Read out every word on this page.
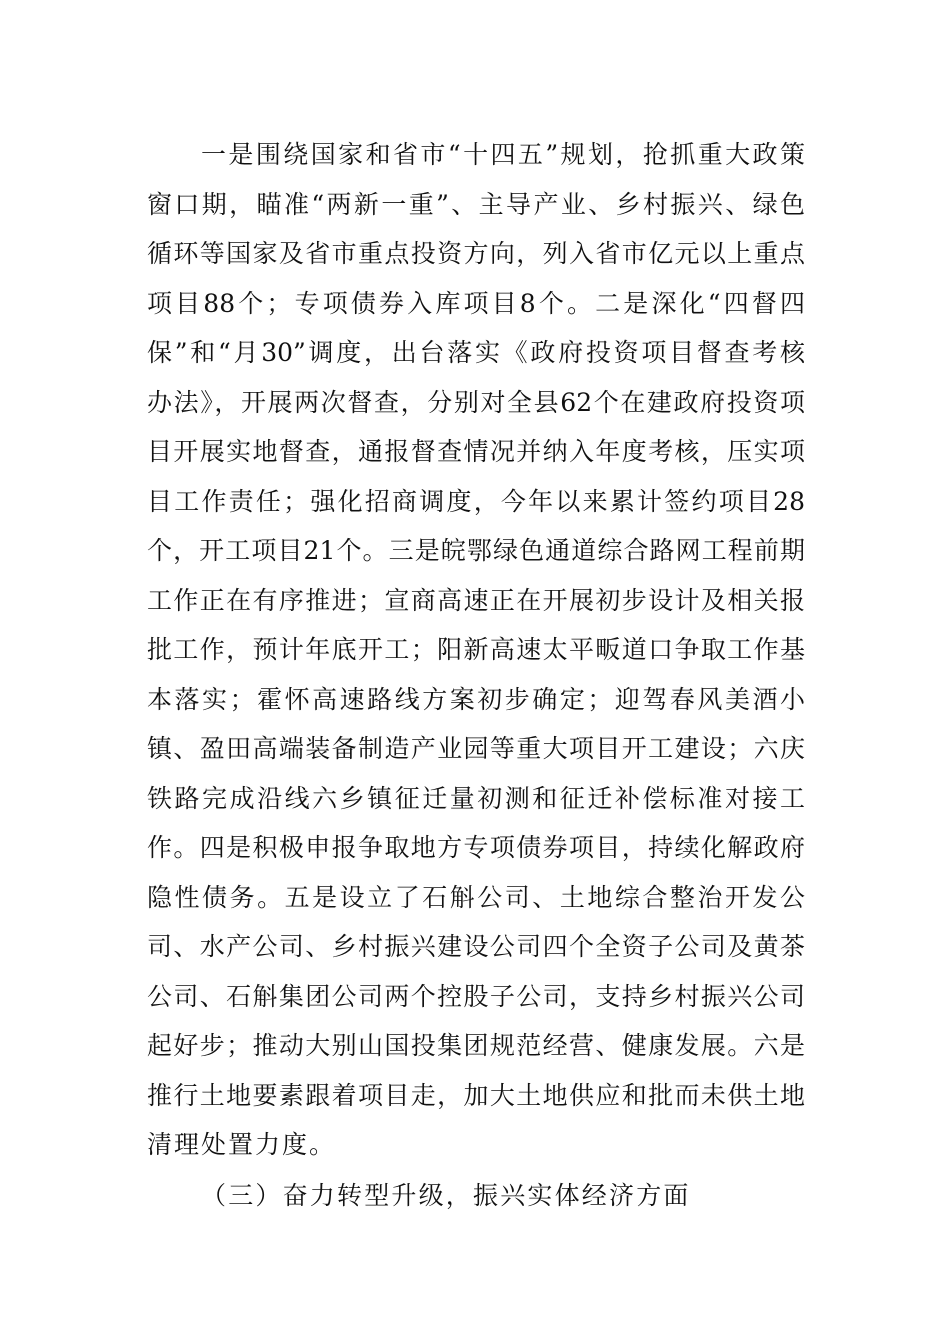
一是围绕国家和省市“十四五”规划，抢抓重大政策
窗口期，瞄准“两新一重”、主导产业、乡村振兴、绿色
循环等国家及省市重点投资方向，列入省市亿元以上重点
项目88个；专项债券入库项目8个。二是深化“四督四
保”和“月30”调度，出台落实《政府投资项目督查考核
办法》，开展两次督查，分别对全县62个在建政府投资项
目开展实地督查，通报督查情况并纳入年度考核，压实项
目工作责任；强化招商调度，今年以来累计签约项目28
个，开工项目21个。三是皖鄂绿色通道综合路网工程前期
工作正在有序推进；宣商高速正在开展初步设计及相关报
批工作，预计年底开工；阳新高速太平畈道口争取工作基
本落实；霍怀高速路线方案初步确定；迎驾春风美酒小
镇、盈田高端装备制造产业园等重大项目开工建设；六庆
铁路完成沿线六乡镇征迁量初测和征迁补偿标准对接工
作。四是积极申报争取地方专项债券项目，持续化解政府
隐性债务。五是设立了石斛公司、土地综合整治开发公
司、水产公司、乡村振兴建设公司四个全资子公司及黄茶
公司、石斛集团公司两个控股子公司，支持乡村振兴公司
起好步；推动大别山国投集团规范经营、健康发展。六是
推行土地要素跟着项目走，加大土地供应和批而未供土地
清理处置力度。
（三）奋力转型升级，振兴实体经济方面
